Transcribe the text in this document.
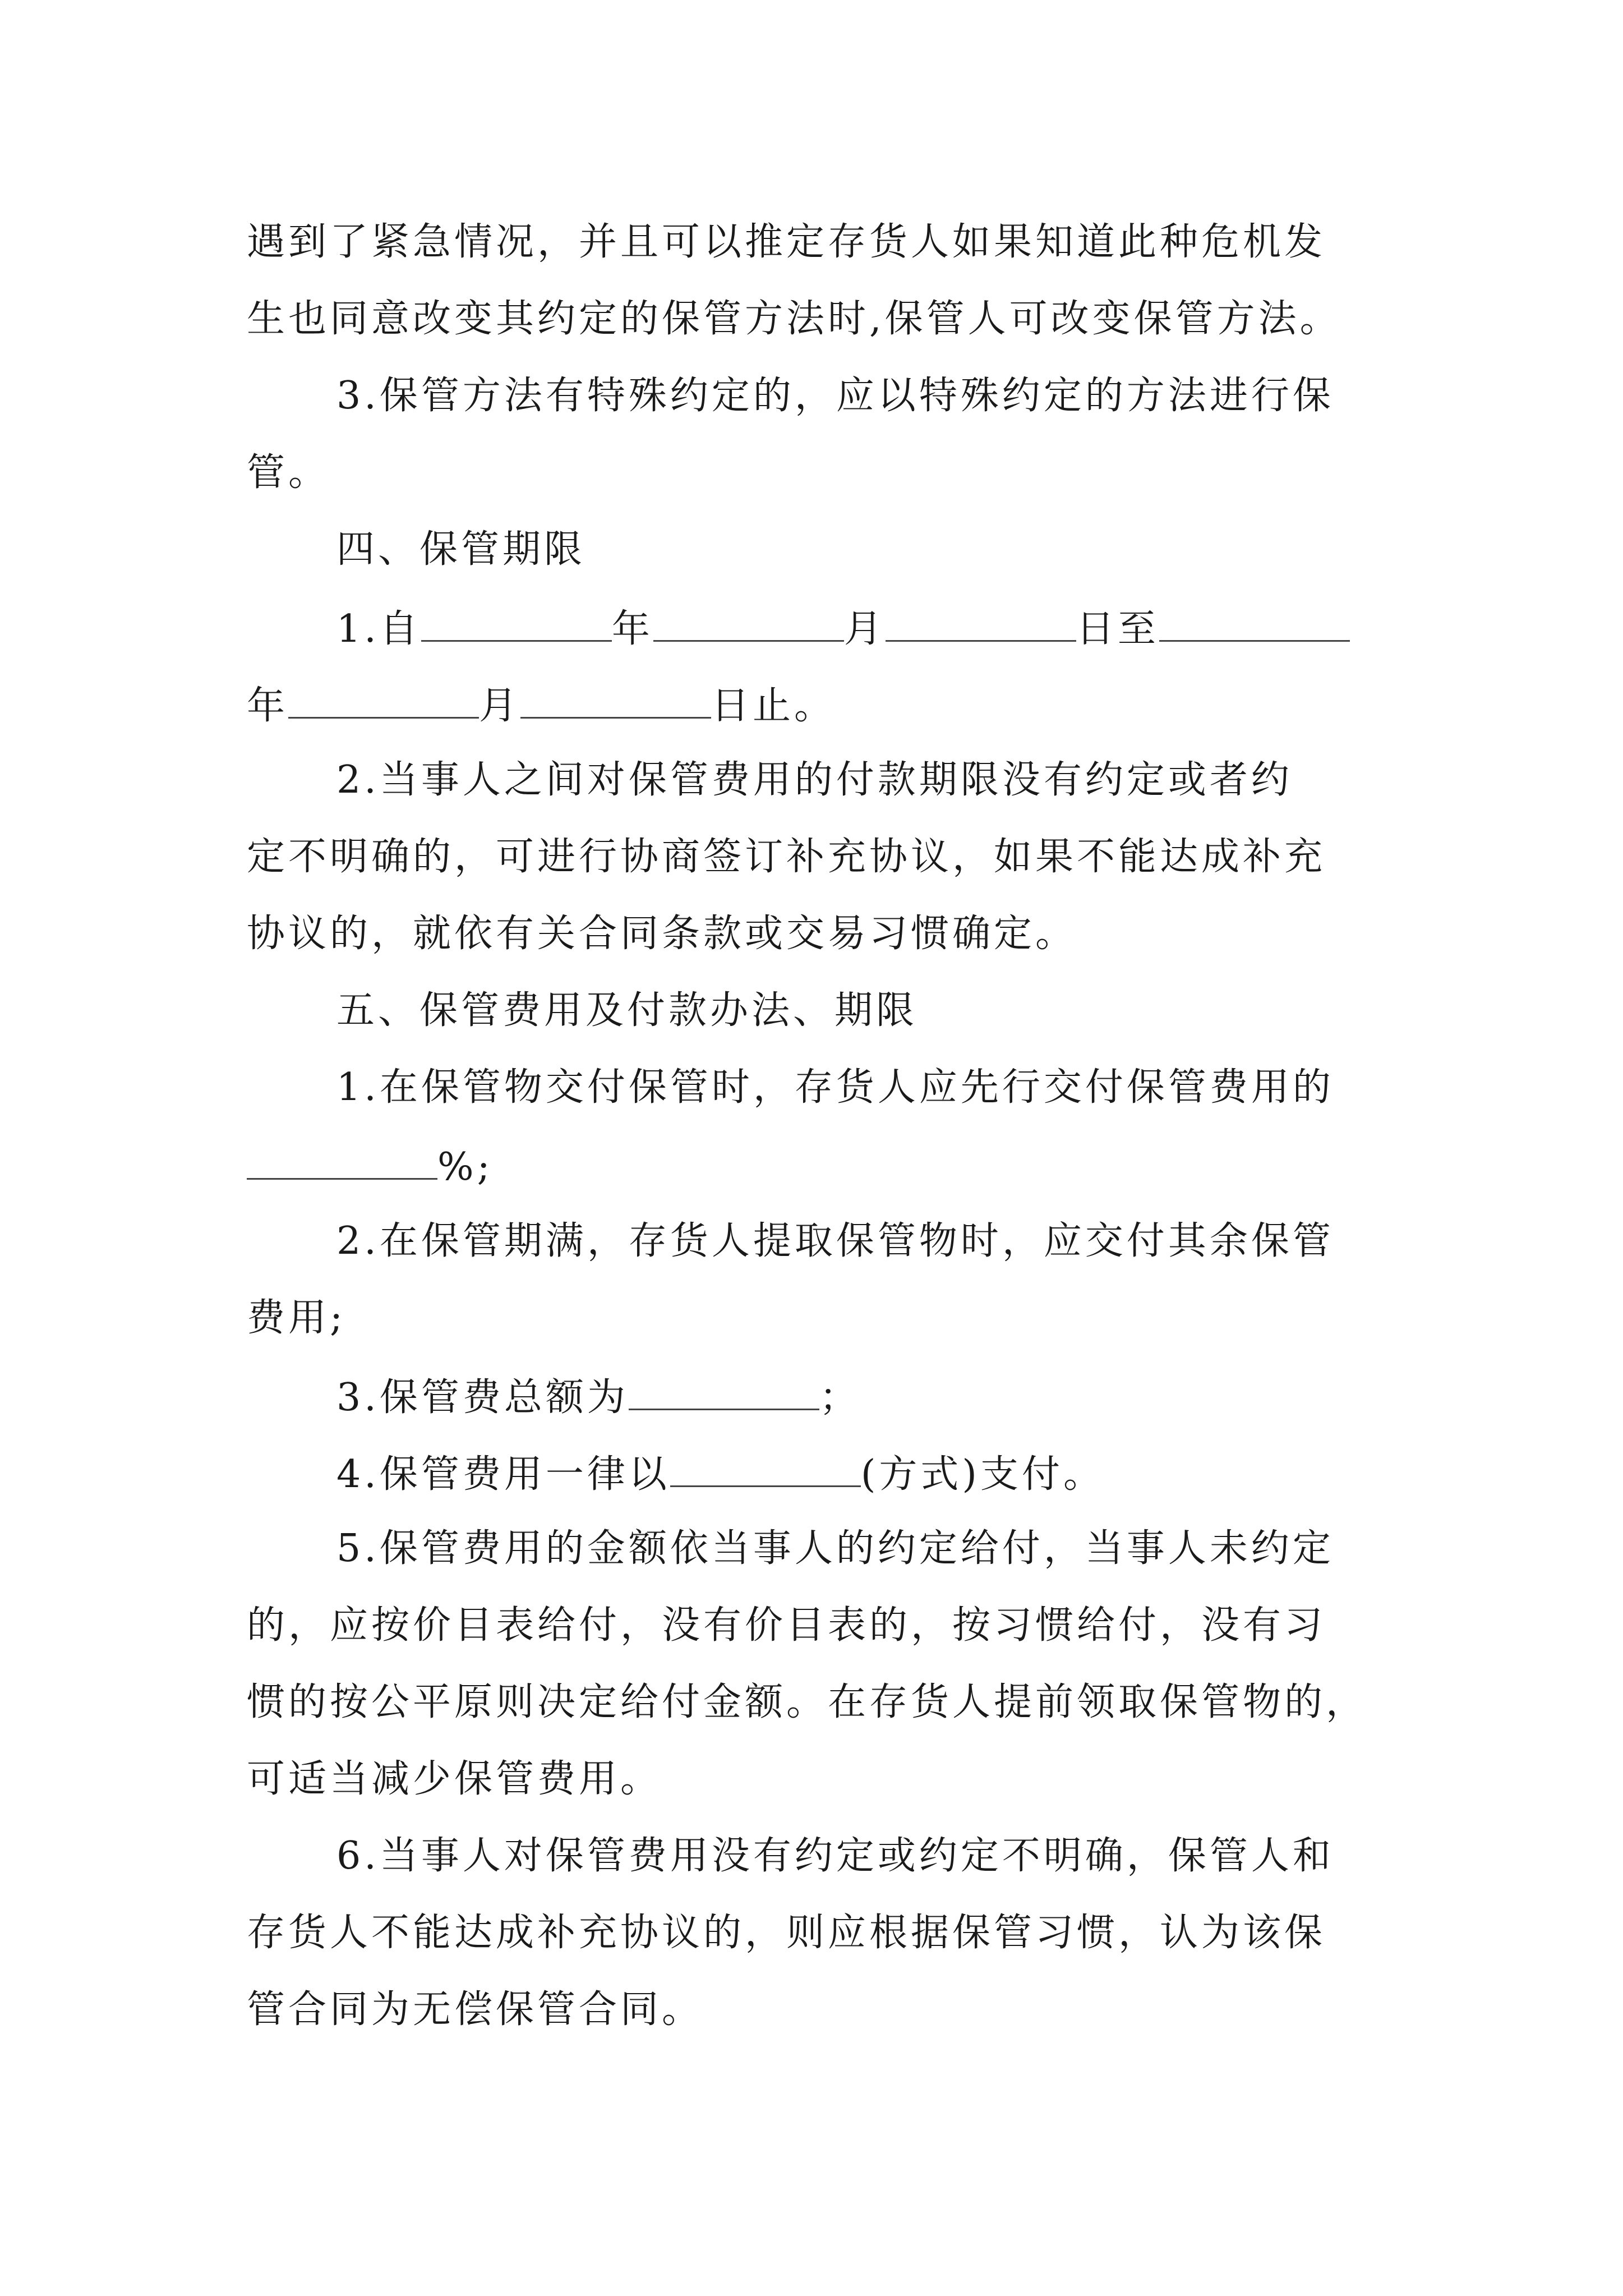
遇到了紧急情况，并且可以推定存货人如果知道此种危机发
生也同意改变其约定的保管方法时,保管人可改变保管方法。
3.保管方法有特殊约定的，应以特殊约定的方法进行保
管。
四、保管期限
1.自	年	月	日至
年	月	日止。
2.当事人之间对保管费用的付款期限没有约定或者约
定不明确的，可进行协商签订补充协议，如果不能达成补充
协议的，就依有关合同条款或交易习惯确定。
五、保管费用及付款办法、期限
1.在保管物交付保管时，存货人应先行交付保管费用的
%;
2.在保管期满，存货人提取保管物时，应交付其余保管
费用;
3.保管费总额为	；
4.保管费用一律以	(方式)支付。
5.保管费用的金额依当事人的约定给付，当事人未约定
的，应按价目表给付，没有价目表的，按习惯给付，没有习
惯的按公平原则决定给付金额。在存货人提前领取保管物的，
可适当减少保管费用。
6.当事人对保管费用没有约定或约定不明确，保管人和
存货人不能达成补充协议的，则应根据保管习惯，认为该保
管合同为无偿保管合同。
